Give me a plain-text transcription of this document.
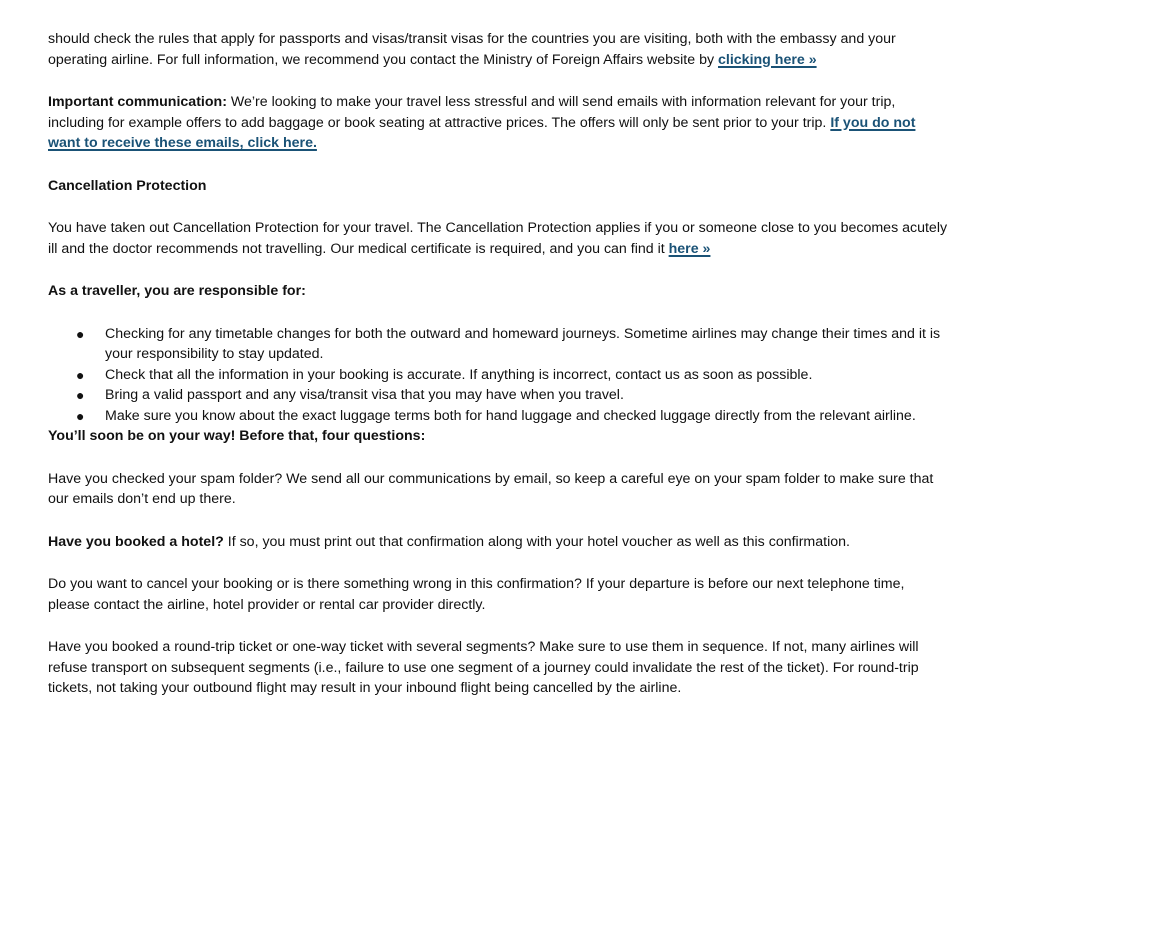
should check the rules that apply for passports and visas/transit visas for the countries you are visiting, both with the embassy and your operating airline. For full information, we recommend you contact the Ministry of Foreign Affairs website by clicking here »

Important communication: We’re looking to make your travel less stressful and will send emails with information relevant for your trip, including for example offers to add baggage or book seating at attractive prices. The offers will only be sent prior to your trip. If you do not want to receive these emails, click here.

Cancellation Protection

You have taken out Cancellation Protection for your travel. The Cancellation Protection applies if you or someone close to you becomes acutely ill and the doctor recommends not travelling. Our medical certificate is required, and you can find it here »

As a traveller, you are responsible for:

● Checking for any timetable changes for both the outward and homeward journeys. Sometime airlines may change their times and it is your responsibility to stay updated.
● Check that all the information in your booking is accurate. If anything is incorrect, contact us as soon as possible.
● Bring a valid passport and any visa/transit visa that you may have when you travel.
● Make sure you know about the exact luggage terms both for hand luggage and checked luggage directly from the relevant airline.

You’ll soon be on your way! Before that, four questions:

Have you checked your spam folder? We send all our communications by email, so keep a careful eye on your spam folder to make sure that our emails don’t end up there.

Have you booked a hotel? If so, you must print out that confirmation along with your hotel voucher as well as this confirmation.

Do you want to cancel your booking or is there something wrong in this confirmation? If your departure is before our next telephone time, please contact the airline, hotel provider or rental car provider directly.

Have you booked a round-trip ticket or one-way ticket with several segments? Make sure to use them in sequence. If not, many airlines will refuse transport on subsequent segments (i.e., failure to use one segment of a journey could invalidate the rest of the ticket). For round-trip tickets, not taking your outbound flight may result in your inbound flight being cancelled by the airline.
